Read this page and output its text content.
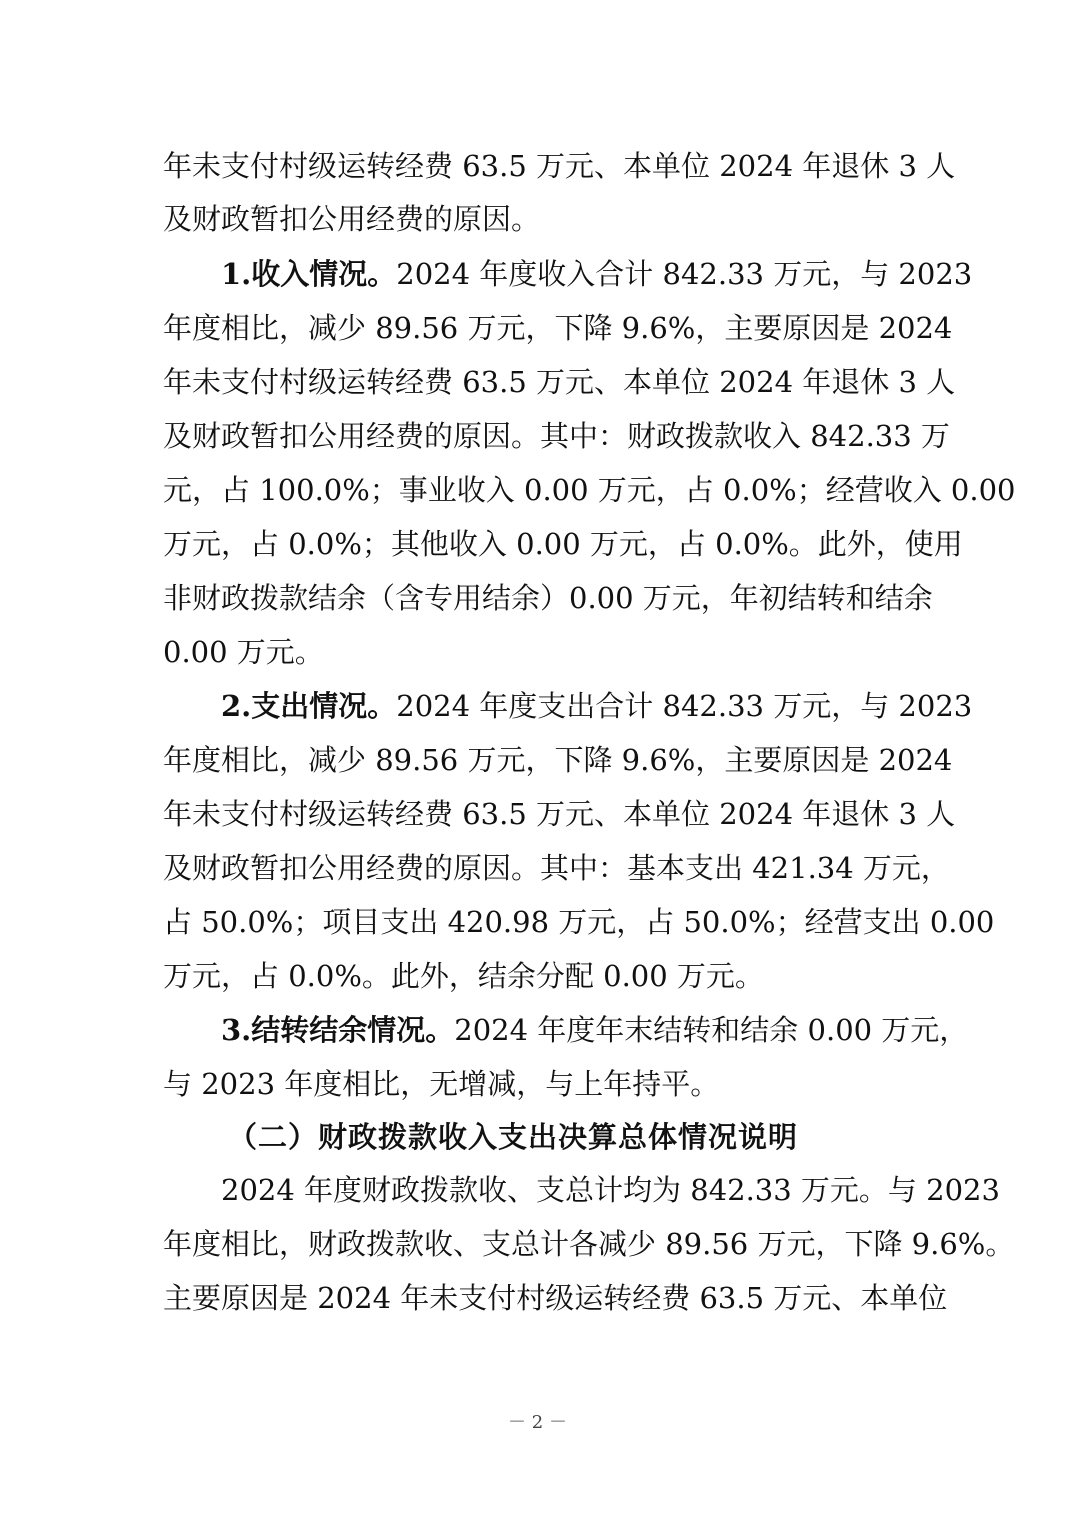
年未支付村级运转经费 63.5 万元、本单位 2024 年退休 3 人
及财政暂扣公用经费的原因。
1.收入情况。2024 年度收入合计 842.33 万元，与 2023
年度相比，减少 89.56 万元，下降 9.6%，主要原因是 2024
年未支付村级运转经费 63.5 万元、本单位 2024 年退休 3 人
及财政暂扣公用经费的原因。其中：财政拨款收入 842.33 万
元，占 100.0%；事业收入 0.00 万元，占 0.0%；经营收入 0.00
万元，占 0.0%；其他收入 0.00 万元，占 0.0%。此外，使用
非财政拨款结余（含专用结余）0.00 万元，年初结转和结余
0.00 万元。
2.支出情况。2024 年度支出合计 842.33 万元，与 2023
年度相比，减少 89.56 万元，下降 9.6%，主要原因是 2024
年未支付村级运转经费 63.5 万元、本单位 2024 年退休 3 人
及财政暂扣公用经费的原因。其中：基本支出 421.34 万元，
占 50.0%；项目支出 420.98 万元，占 50.0%；经营支出 0.00
万元，占 0.0%。此外，结余分配 0.00 万元。
3.结转结余情况。2024 年度年末结转和结余 0.00 万元，
与 2023 年度相比，无增减，与上年持平。
（二）财政拨款收入支出决算总体情况说明
2024 年度财政拨款收、支总计均为 842.33 万元。与 2023
年度相比，财政拨款收、支总计各减少 89.56 万元，下降 9.6%。
主要原因是 2024 年未支付村级运转经费 63.5 万元、本单位
－ 2 －
